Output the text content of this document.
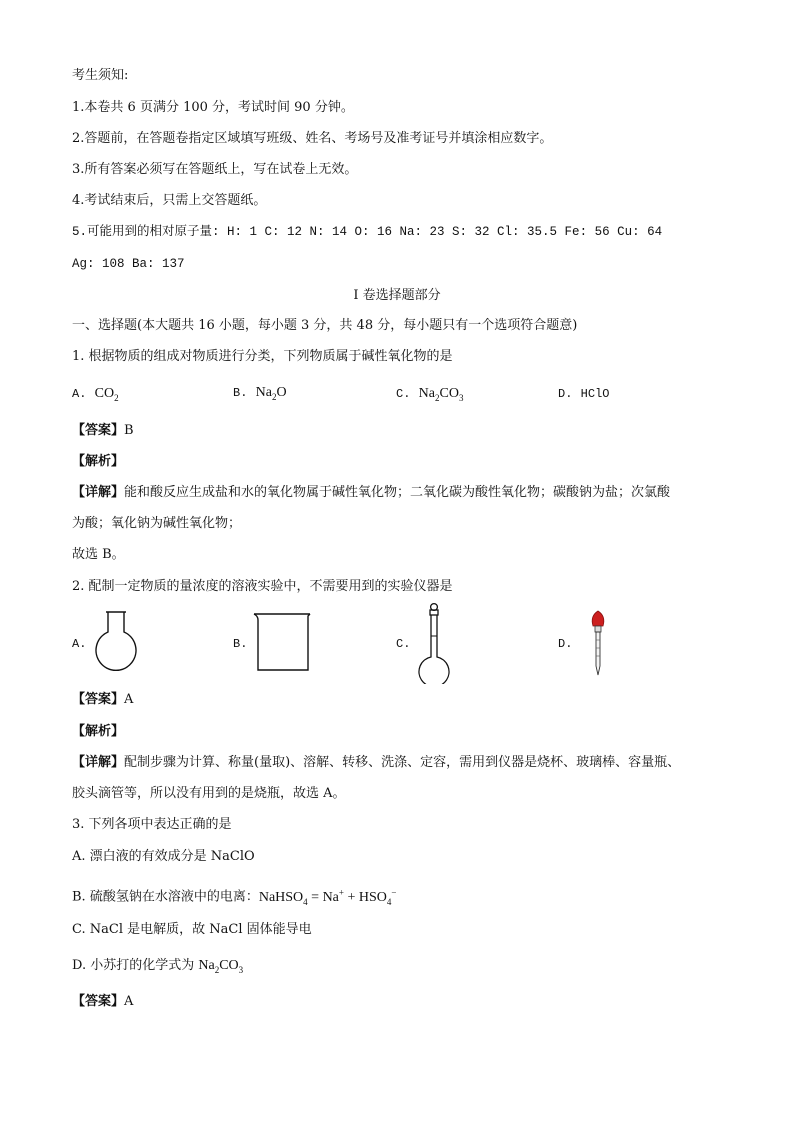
考生须知:
1.本卷共 6 页满分 100 分，考试时间 90 分钟。
2.答题前，在答题卷指定区域填写班级、姓名、考场号及准考证号并填涂相应数字。
3.所有答案必须写在答题纸上，写在试卷上无效。
4.考试结束后，只需上交答题纸。
5.可能用到的相对原子量: H: 1 C: 12 N: 14 O: 16 Na: 23 S: 32 Cl: 35.5 Fe: 56 Cu: 64
Ag: 108 Ba: 137
I 卷选择题部分
一、选择题(本大题共 16 小题，每小题 3 分，共 48 分，每小题只有一个选项符合题意)
1. 根据物质的组成对物质进行分类，下列物质属于碱性氧化物的是
A. $CO_2$	B. $Na_2O$	C. $Na_2CO_3$	D. HClO
【答案】B
【解析】
【详解】能和酸反应生成盐和水的氧化物属于碱性氧化物；二氧化碳为酸性氧化物；碳酸钠为盐；次氯酸
为酸；氧化钠为碱性氧化物；
故选 B。
2. 配制一定物质的量浓度的溶液实验中，不需要用到的实验仪器是
A.	B.	C.	D.
【答案】A
【解析】
【详解】配制步骤为计算、称量(量取)、溶解、转移、洗涤、定容，需用到仪器是烧杯、玻璃棒、容量瓶、
胶头滴管等，所以没有用到的是烧瓶，故选 A。
3. 下列各项中表达正确的是
A. 漂白液的有效成分是 NaClO
B. 硫酸氢钠在水溶液中的电离：NaHSO$_4$ = $Na^+ + HSO_4^-$
C. NaCl 是电解质，故 NaCl 固体能导电
D. 小苏打的化学式为 $Na_2CO_3$
【答案】A
